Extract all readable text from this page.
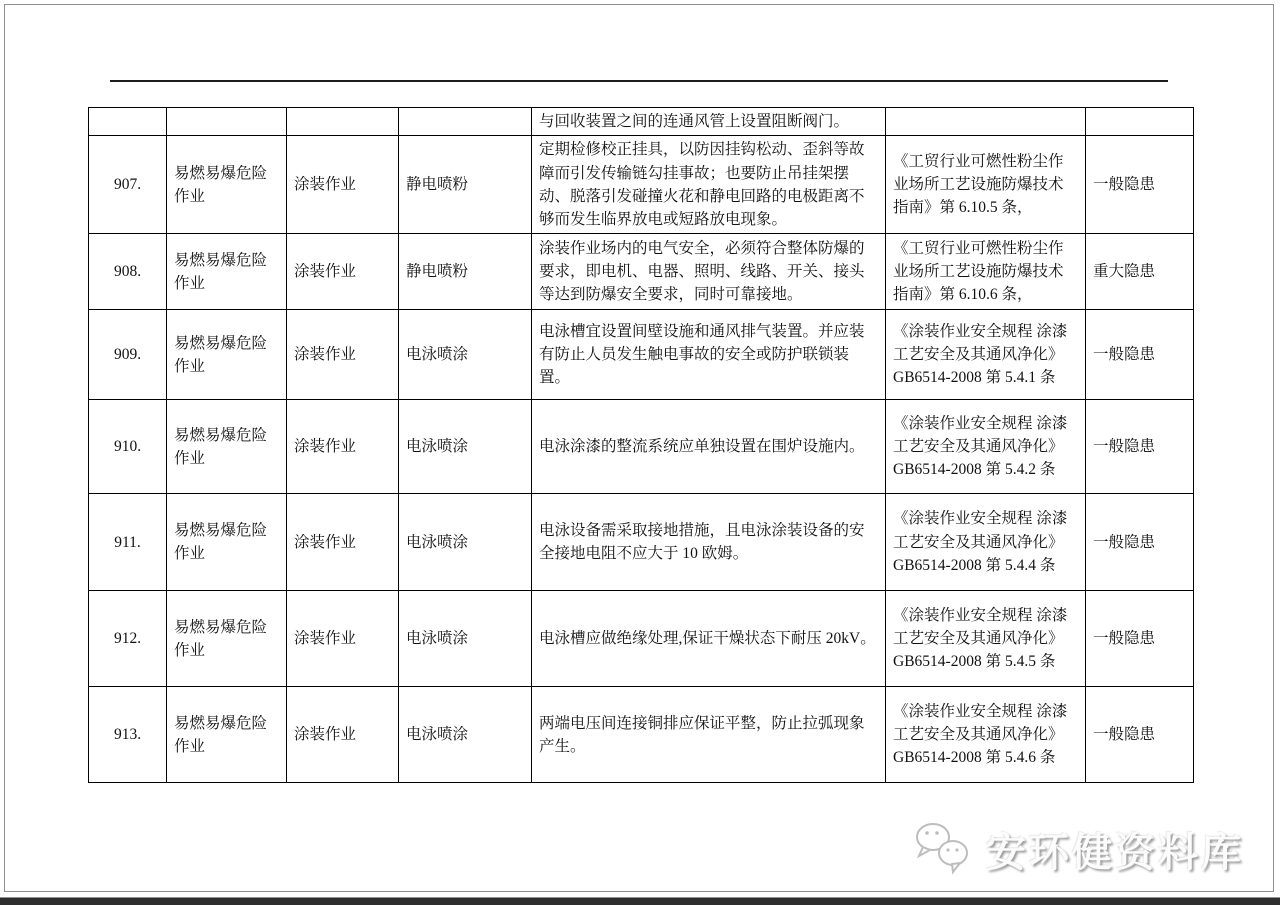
				与回收装置之间的连通风管上设置阻断阀门。		
907.	易燃易爆危险作业	涂装作业	静电喷粉	定期检修校正挂具，以防因挂钩松动、歪斜等故障而引发传输链勾挂事故；也要防止吊挂架摆动、脱落引发碰撞火花和静电回路的电极距离不够而发生临界放电或短路放电现象。	《工贸行业可燃性粉尘作业场所工艺设施防爆技术指南》第 6.10.5 条，	一般隐患
908.	易燃易爆危险作业	涂装作业	静电喷粉	涂装作业场内的电气安全，必须符合整体防爆的要求，即电机、电器、照明、线路、开关、接头等达到防爆安全要求，同时可靠接地。	《工贸行业可燃性粉尘作业场所工艺设施防爆技术指南》第 6.10.6 条，	重大隐患
909.	易燃易爆危险作业	涂装作业	电泳喷涂	电泳槽宜设置间壁设施和通风排气装置。并应装有防止人员发生触电事故的安全或防护联锁装置。	《涂装作业安全规程 涂漆工艺安全及其通风净化》GB6514-2008 第 5.4.1 条	一般隐患
910.	易燃易爆危险作业	涂装作业	电泳喷涂	电泳涂漆的整流系统应单独设置在围炉设施内。	《涂装作业安全规程 涂漆工艺安全及其通风净化》GB6514-2008 第 5.4.2 条	一般隐患
911.	易燃易爆危险作业	涂装作业	电泳喷涂	电泳设备需采取接地措施，且电泳涂装设备的安全接地电阻不应大于 10 欧姆。	《涂装作业安全规程 涂漆工艺安全及其通风净化》GB6514-2008 第 5.4.4 条	一般隐患
912.	易燃易爆危险作业	涂装作业	电泳喷涂	电泳槽应做绝缘处理,保证干燥状态下耐压 20kV。	《涂装作业安全规程 涂漆工艺安全及其通风净化》GB6514-2008 第 5.4.5 条	一般隐患
913.	易燃易爆危险作业	涂装作业	电泳喷涂	两端电压间连接铜排应保证平整，防止拉弧现象产生。	《涂装作业安全规程 涂漆工艺安全及其通风净化》GB6514-2008 第 5.4.6 条	一般隐患
安环健资料库
